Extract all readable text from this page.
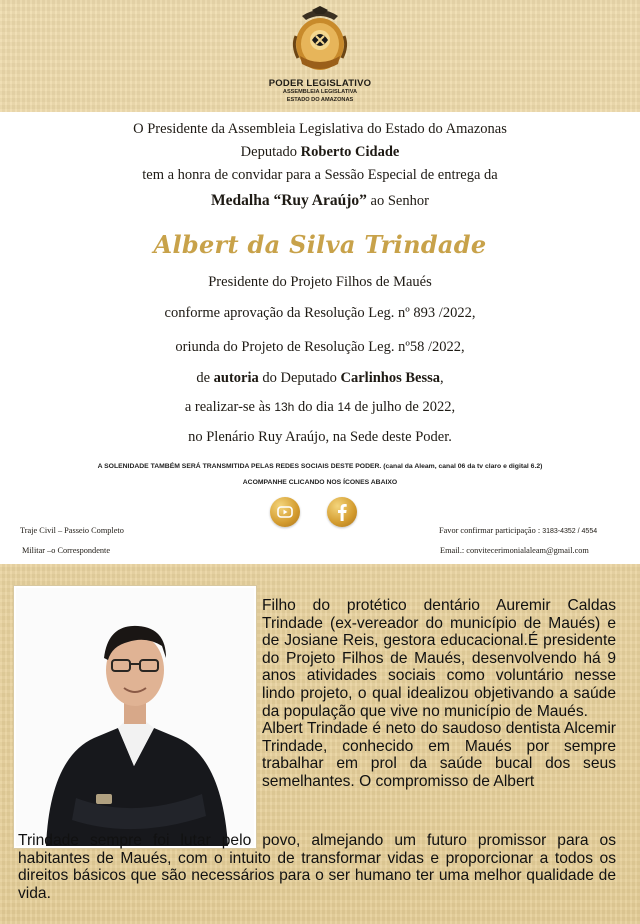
PODER LEGISLATIVO
ASSEMBLEIA LEGISLATIVA
ESTADO DO AMAZONAS
O Presidente da Assembleia Legislativa do Estado do Amazonas
Deputado Roberto Cidade
tem a honra de convidar para a Sessão Especial de entrega da
Medalha “Ruy Araújo” ao Senhor
Albert da Silva Trindade
Presidente do Projeto Filhos de Maués
conforme aprovação da Resolução Leg. nº 893 /2022,
oriunda do Projeto de Resolução Leg. nº58 /2022,
de autoria do Deputado Carlinhos Bessa,
a realizar-se às 13h do dia 14 de julho de 2022,
no Plenário Ruy Araújo, na Sede deste Poder.
A SOLENIDADE TAMBÉM SERÁ TRANSMITIDA PELAS REDES SOCIAIS DESTE PODER. (canal da Aleam, canal 06 da tv claro e digital 6.2)
ACOMPANHE CLICANDO NOS ÍCONES ABAIXO
Traje Civil – Passeio Completo
Militar –o Correspondente
Favor confirmar participação : 3183-4352 / 4554
Email.: convitecerimonialaleam@gmail.com

Filho do protético dentário Auremir Caldas Trindade (ex-vereador do município de Maués) e de Josiane Reis, gestora educacional.É presidente do Projeto Filhos de Maués, desenvolvendo há 9 anos atividades sociais como voluntário nesse lindo projeto, o qual idealizou objetivando a saúde da população que vive no município de Maués.

Albert Trindade é neto do saudoso dentista Alcemir Trindade, conhecido em Maués por sempre trabalhar em prol da saúde bucal dos seus semelhantes. O compromisso de Albert

Trindade sempre foi lutar pelo povo, almejando um futuro promissor para os habitantes de Maués, com o intuito de transformar vidas e proporcionar a todos os direitos básicos que são necessários para o ser humano ter uma melhor qualidade de vida.
